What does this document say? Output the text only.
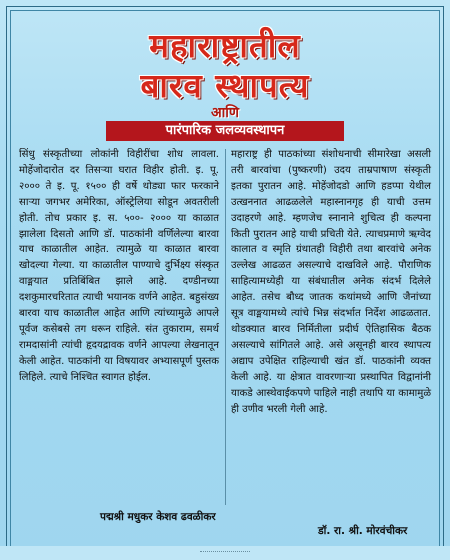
महाराष्ट्रातील
बारव स्थापत्य
आणि
पारंपारिक जलव्यवस्थापन

सिंधु संस्कृतीच्या लोकांनी विहीरींचा शोध लावला. मोहेंजोदारोत दर तिसऱ्या घरात विहीर होती. इ. पू. २००० ते इ. पू. १५०० ही वर्षे थोड्या फार फरकाने साऱ्या जगभर अमेरिका, ऑस्ट्रेलिया सोडून अवतरीली होती. तोच प्रकार इ. स. ५००- २००० या काळात झालेला दिसतो आणि डॉ. पाठकांनी वर्णिलेल्या बारवा याच काळातील आहेत. त्यामुळे या काळात बारवा खोदल्या गेल्या. या काळातील पाण्याचे दुर्भिक्ष्य संस्कृत वाङ्मयात प्रतिबिंबित झाले आहे. दण्डीनच्या दशकुमारचरितात त्याची भयानक वर्णने आहेत. बहुसंख्य बारवा याच काळातील आहेत आणि त्यांच्यामुळे आपले पूर्वज कसेबसे तग धरून राहिले. संत तुकाराम, समर्थ रामदासांनी त्यांची हृदयद्रावक वर्णने आपल्या लेखनातून केली आहेत. पाठकांनी या विषयावर अभ्यासपूर्ण पुस्तक लिहिले. त्याचे निश्चित स्वागत होईल.

महाराष्ट्र ही पाठकांच्या संशोधनाची सीमारेखा असली तरी बारवांचा (पुष्करणी) उदय ताम्रपाषाण संस्कृती इतका पुरातन आहे. मोहेंजोदडो आणि हडप्पा येथील उत्खननात आढळलेले महास्नानगृह ही याची उत्तम उदाहरणे आहे. म्हणजेच स्नानाने शुचित्व ही कल्पना किती पुरातन आहे याची प्रचिती येते. त्याचप्रमाणे ऋग्वेद कालात व स्मृति ग्रंथातही विहीरी तथा बारवांचे अनेक उल्लेख आढळत असल्याचे दाखविले आहे. पौराणिक साहित्यामध्येही या संबंधातील अनेक संदर्भ दिलेले आहेत. तसेच बौध्द जातक कथांमध्ये आणि जैनांच्या सूत्र वाङ्मयामध्ये त्यांचे भिन्न संदर्भात निर्देश आढळतात. थोडक्यात बारव निर्मितीला प्रदीर्घ ऐतिहासिक बैठक असल्याचे सांगितले आहे. असे असूनही बारव स्थापत्य अद्याप उपेक्षित राहिल्याची खंत डॉ. पाठकांनी व्यक्त केली आहे. या क्षेत्रात वावरणाऱ्या प्रस्थापित विद्वानांनी याकडे आस्थेवाईकपणे पाहिले नाही तथापि या कामामुळे ही उणीव भरली गेली आहे.

पद्मश्री मधुकर केशव ढवळीकर
डॉ. रा. श्री. मोरवंचीकर
